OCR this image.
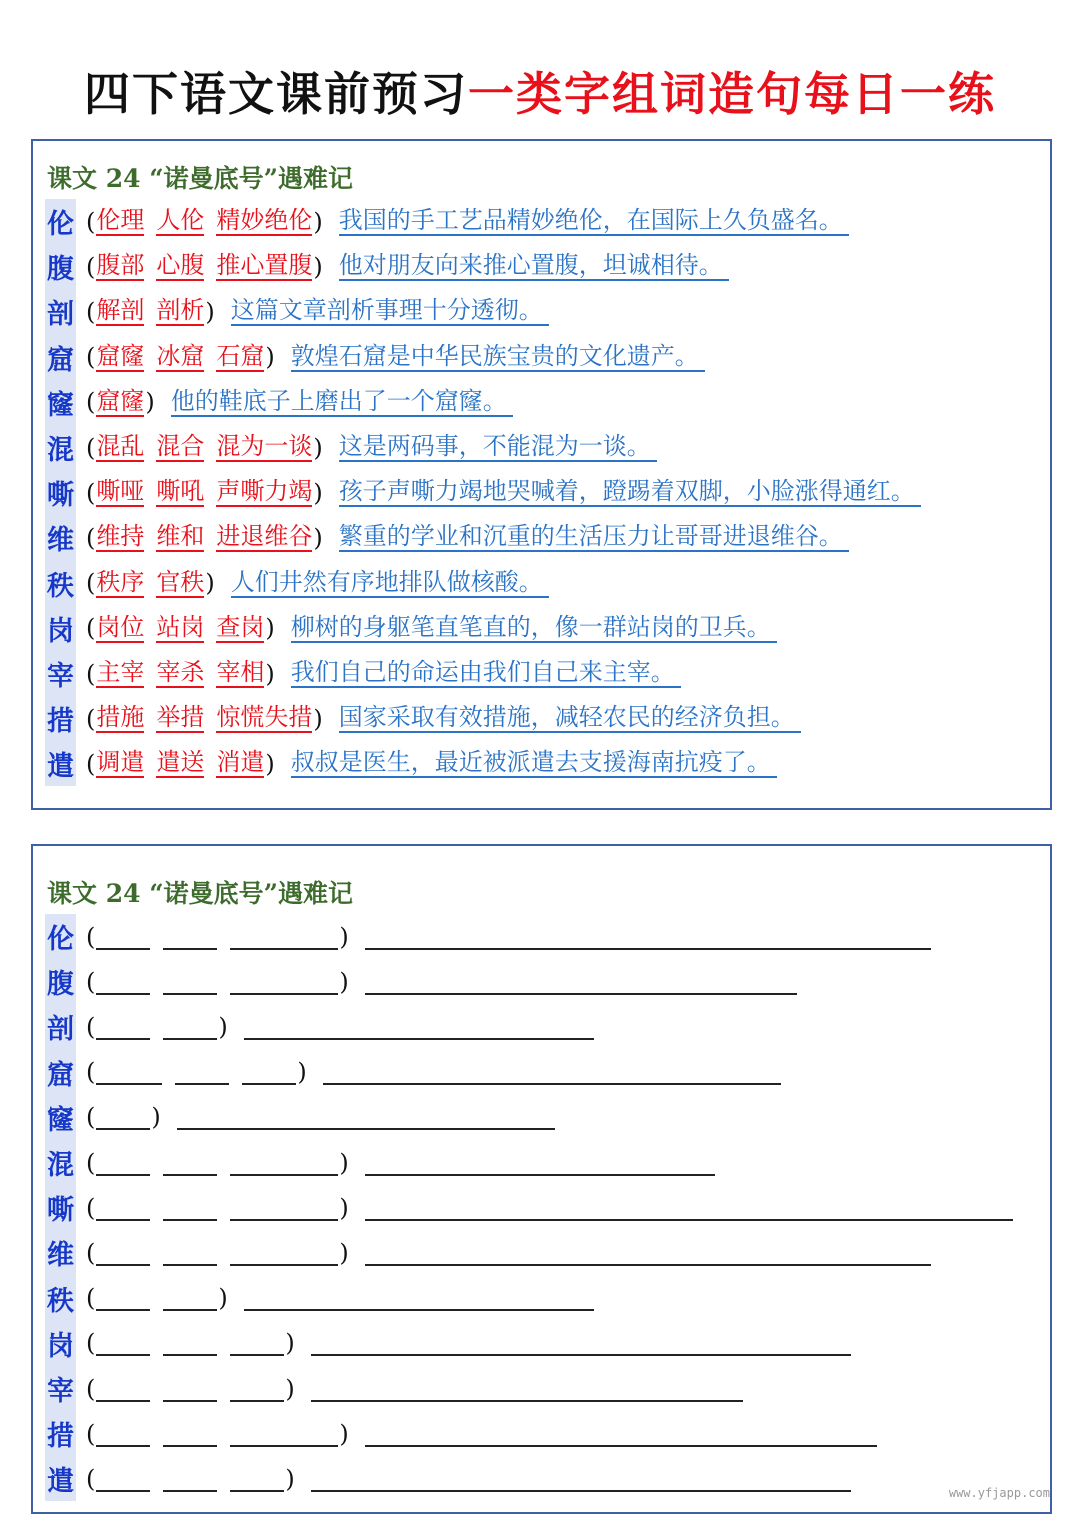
四下语文课前预习一类字组词造句每日一练
课文 24 “诺曼底号”遇难记
伦 ( 伦理 人伦 精妙绝伦 ) 我国的手工艺品精妙绝伦，在国际上久负盛名。
腹 ( 腹部 心腹 推心置腹 ) 他对朋友向来推心置腹，坦诚相待。
剖 ( 解剖 剖析 ) 这篇文章剖析事理十分透彻。
窟 ( 窟窿 冰窟 石窟 ) 敦煌石窟是中华民族宝贵的文化遗产。
窿 ( 窟窿 ) 他的鞋底子上磨出了一个窟窿。
混 ( 混乱 混合 混为一谈 ) 这是两码事，不能混为一谈。
嘶 ( 嘶哑 嘶吼 声嘶力竭 ) 孩子声嘶力竭地哭喊着，蹬踢着双脚，小脸涨得通红。
维 ( 维持 维和 进退维谷 ) 繁重的学业和沉重的生活压力让哥哥进退维谷。
秩 ( 秩序 官秩 ) 人们井然有序地排队做核酸。
岗 ( 岗位 站岗 查岗 ) 柳树的身躯笔直笔直的，像一群站岗的卫兵。
宰 ( 主宰 宰杀 宰相 ) 我们自己的命运由我们自己来主宰。
措 ( 措施 举措 惊慌失措 ) 国家采取有效措施，减轻农民的经济负担。
遣 ( 调遣 遣送 消遣 ) 叔叔是医生，最近被派遣去支援海南抗疫了。
课文 24 “诺曼底号”遇难记
伦 (	)
腹 (	)
剖 (	)
窟 (	)
窿 ( )
混 (	)
嘶 (	)
维 (	)
秩 (	)
岗 (	)
宰 (	)
措 (	)
遣 (	)
www.yfjapp.com
